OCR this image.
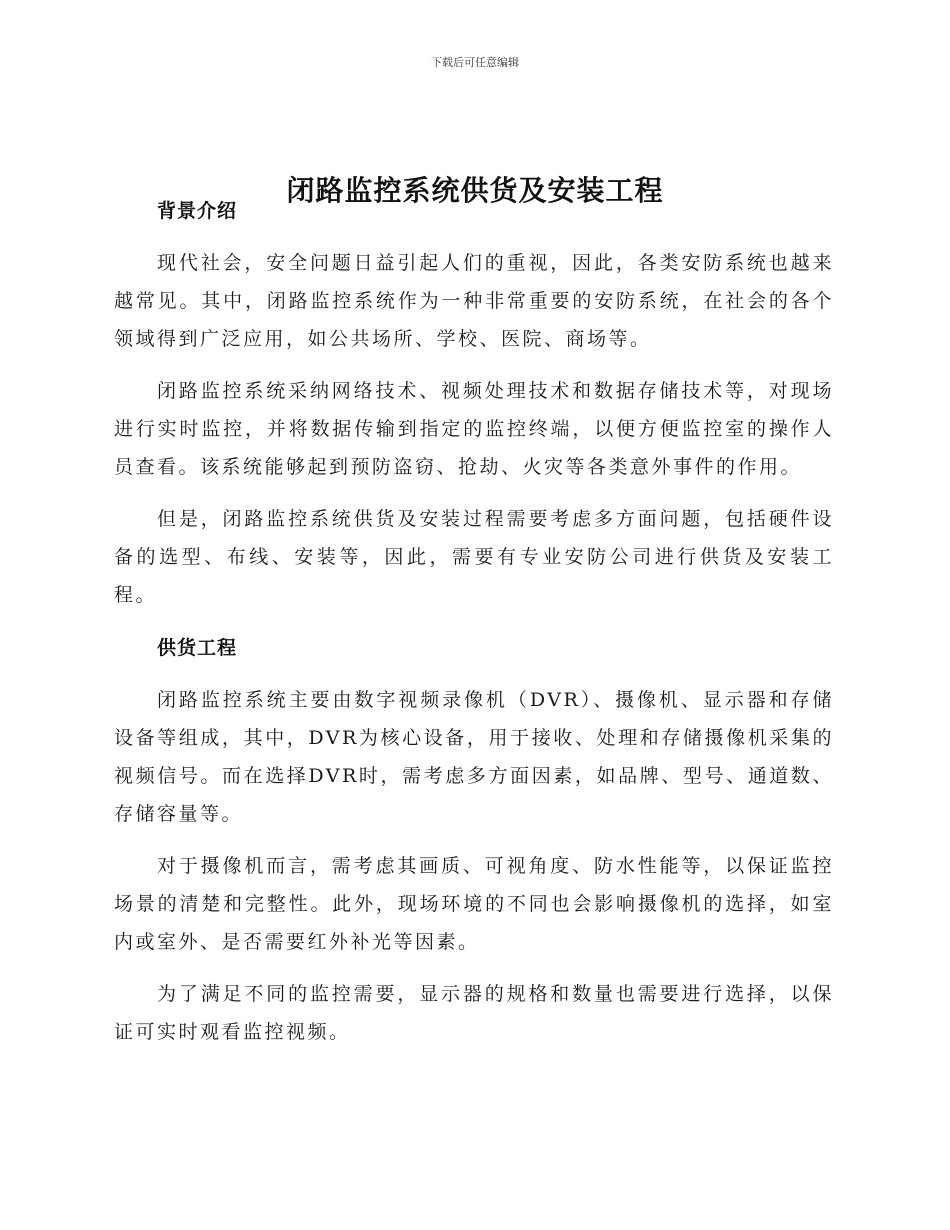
下载后可任意编辑
闭路监控系统供货及安装工程
背景介绍

现代社会，安全问题日益引起人们的重视，因此，各类安防系统也越来越常见。其中，闭路监控系统作为一种非常重要的安防系统，在社会的各个领域得到广泛应用，如公共场所、学校、医院、商场等。

闭路监控系统采纳网络技术、视频处理技术和数据存储技术等，对现场进行实时监控，并将数据传输到指定的监控终端，以便方便监控室的操作人员查看。该系统能够起到预防盗窃、抢劫、火灾等各类意外事件的作用。

但是，闭路监控系统供货及安装过程需要考虑多方面问题，包括硬件设备的选型、布线、安装等，因此，需要有专业安防公司进行供货及安装工程。

供货工程

闭路监控系统主要由数字视频录像机（DVR）、摄像机、显示器和存储设备等组成，其中，DVR为核心设备，用于接收、处理和存储摄像机采集的视频信号。而在选择DVR时，需考虑多方面因素，如品牌、型号、通道数、存储容量等。

对于摄像机而言，需考虑其画质、可视角度、防水性能等，以保证监控场景的清楚和完整性。此外，现场环境的不同也会影响摄像机的选择，如室内或室外、是否需要红外补光等因素。

为了满足不同的监控需要，显示器的规格和数量也需要进行选择，以保证可实时观看监控视频。
